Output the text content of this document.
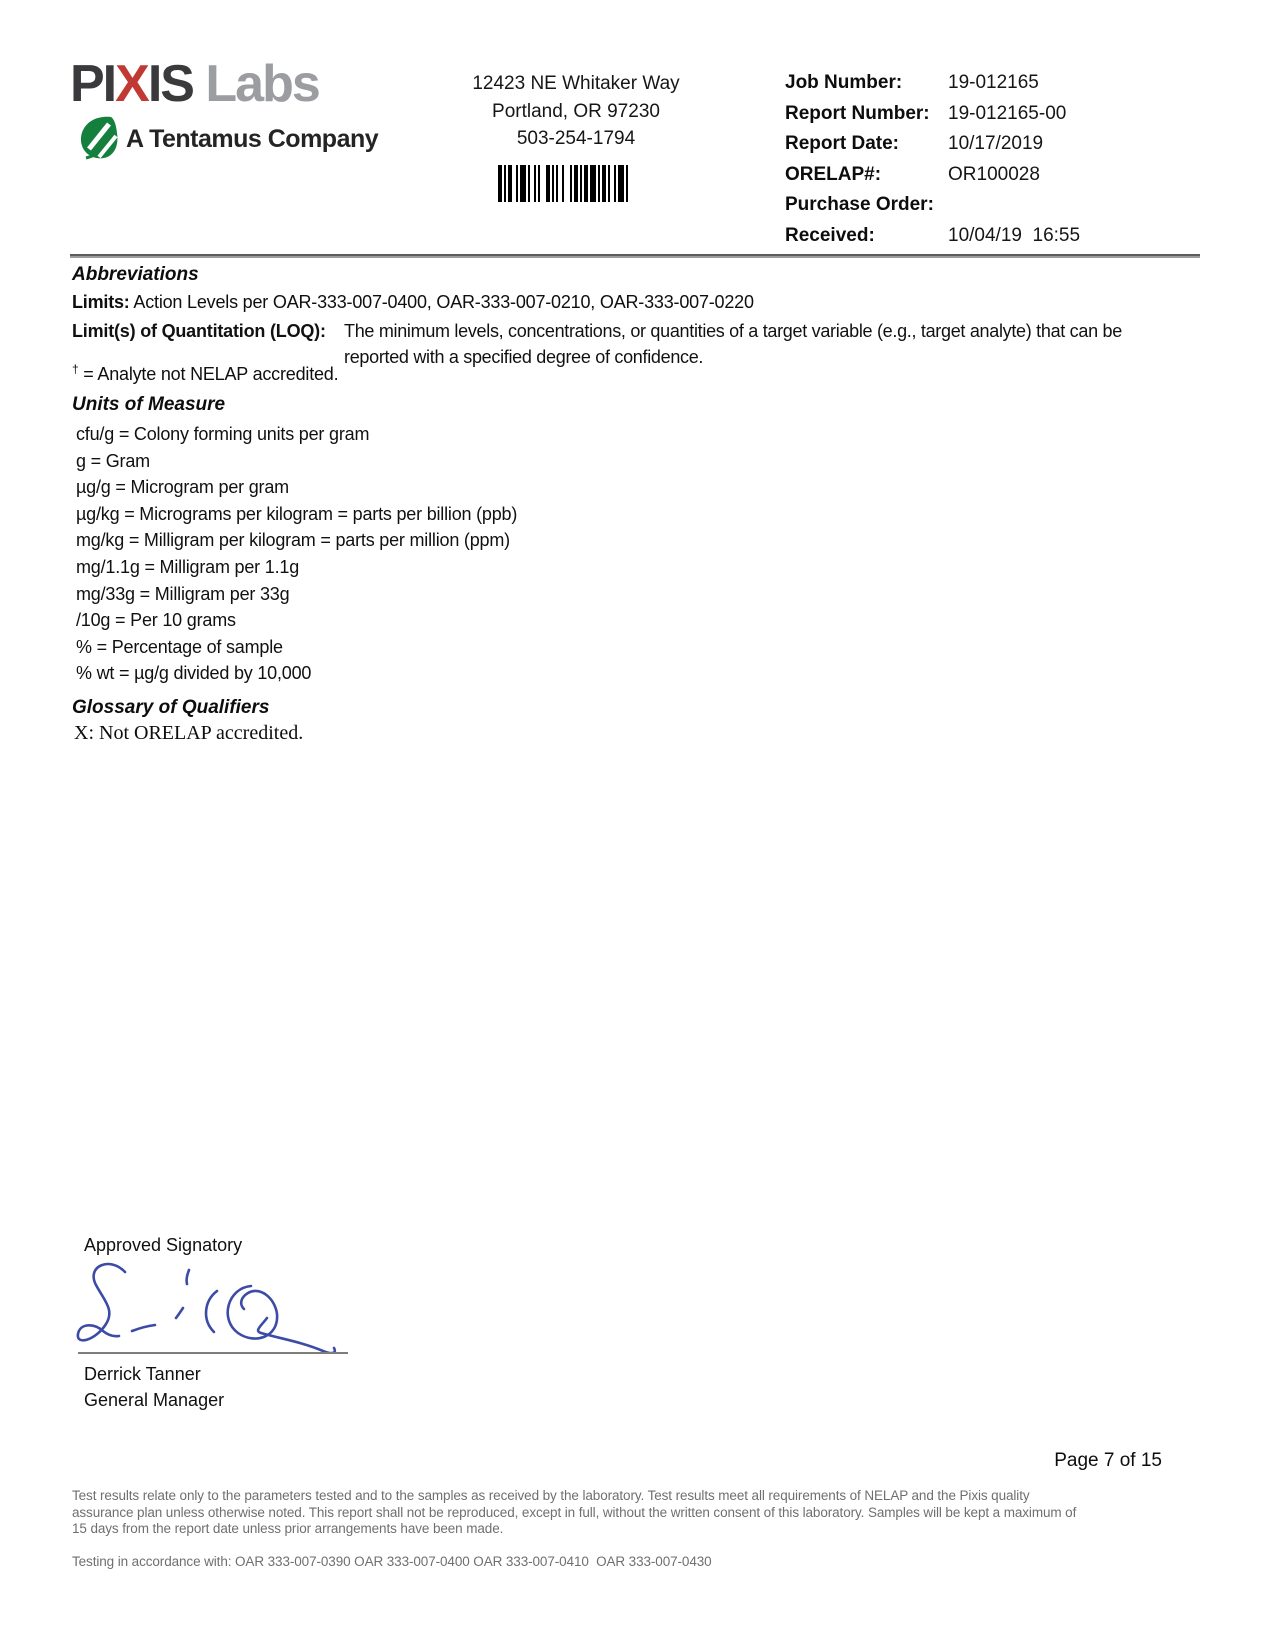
PIXIS Labs
A Tentamus Company
12423 NE Whitaker Way
Portland, OR 97230
503-254-1794
Job Number:	19-012165
Report Number: 19-012165-00
Report Date:	10/17/2019
ORELAP#:	OR100028
Purchase Order:
Received:	10/04/19  16:55
Abbreviations
Limits: Action Levels per OAR-333-007-0400, OAR-333-007-0210, OAR-333-007-0220
Limit(s) of Quantitation (LOQ):	The minimum levels, concentrations, or quantities of a target variable (e.g., target analyte) that can be reported with a specified degree of confidence.
† = Analyte not NELAP accredited.
Units of Measure
cfu/g = Colony forming units per gram
g = Gram
µg/g = Microgram per gram
µg/kg = Micrograms per kilogram = parts per billion (ppb)
mg/kg = Milligram per kilogram = parts per million (ppm)
mg/1.1g = Milligram per 1.1g
mg/33g = Milligram per 33g
/10g = Per 10 grams
% = Percentage of sample
% wt = µg/g divided by 10,000
Glossary of Qualifiers
X: Not ORELAP accredited.
Approved Signatory
Derrick Tanner
General Manager
Page 7 of 15
Test results relate only to the parameters tested and to the samples as received by the laboratory. Test results meet all requirements of NELAP and the Pixis quality assurance plan unless otherwise noted. This report shall not be reproduced, except in full, without the written consent of this laboratory. Samples will be kept a maximum of 15 days from the report date unless prior arrangements have been made.
Testing in accordance with: OAR 333-007-0390 OAR 333-007-0400 OAR 333-007-0410  OAR 333-007-0430
